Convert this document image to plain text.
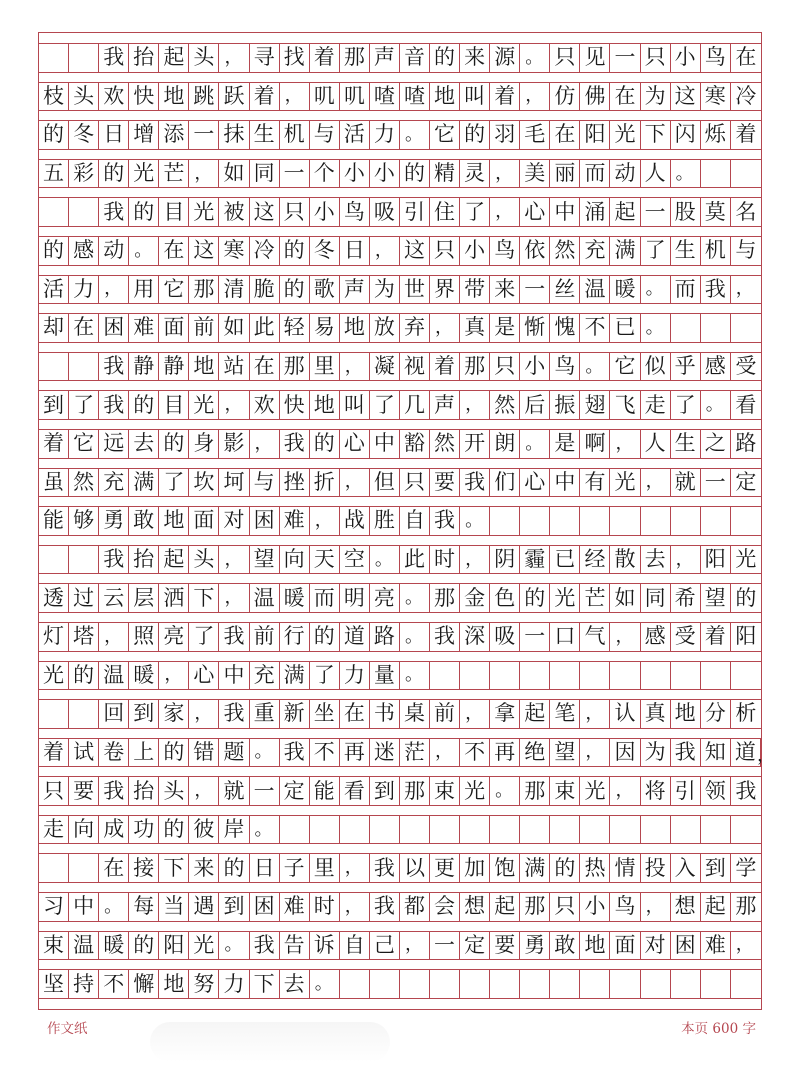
我 抬 起 头 ， 寻 找 着 那 声 音 的 来 源 。 只 见 一 只 小 鸟 在
枝 头 欢 快 地 跳 跃 着 ， 叽 叽 喳 喳 地 叫 着 ， 仿 佛 在 为 这 寒 冷
的 冬 日 增 添 一 抹 生 机 与 活 力 。 它 的 羽 毛 在 阳 光 下 闪 烁 着
五 彩 的 光 芒 ， 如 同 一 个 小 小 的 精 灵 ， 美 丽 而 动 人 。
我 的 目 光 被 这 只 小 鸟 吸 引 住 了 ， 心 中 涌 起 一 股 莫 名
的 感 动 。 在 这 寒 冷 的 冬 日 ， 这 只 小 鸟 依 然 充 满 了 生 机 与
活 力 ， 用 它 那 清 脆 的 歌 声 为 世 界 带 来 一 丝 温 暖 。 而 我 ，
却 在 困 难 面 前 如 此 轻 易 地 放 弃 ， 真 是 惭 愧 不 已 。
我 静 静 地 站 在 那 里 ， 凝 视 着 那 只 小 鸟 。 它 似 乎 感 受
到 了 我 的 目 光 ， 欢 快 地 叫 了 几 声 ， 然 后 振 翅 飞 走 了 。 看
着 它 远 去 的 身 影 ， 我 的 心 中 豁 然 开 朗 。 是 啊 ， 人 生 之 路
虽 然 充 满 了 坎 坷 与 挫 折 ， 但 只 要 我 们 心 中 有 光 ， 就 一 定
能 够 勇 敢 地 面 对 困 难 ， 战 胜 自 我 。
我 抬 起 头 ， 望 向 天 空 。 此 时 ， 阴 霾 已 经 散 去 ， 阳 光
透 过 云 层 洒 下 ， 温 暖 而 明 亮 。 那 金 色 的 光 芒 如 同 希 望 的
灯 塔 ， 照 亮 了 我 前 行 的 道 路 。 我 深 吸 一 口 气 ， 感 受 着 阳
光 的 温 暖 ， 心 中 充 满 了 力 量 。
回 到 家 ， 我 重 新 坐 在 书 桌 前 ， 拿 起 笔 ， 认 真 地 分 析
着 试 卷 上 的 错 题 。 我 不 再 迷 茫 ， 不 再 绝 望 ， 因 为 我 知 道 ，
只 要 我 抬 头 ， 就 一 定 能 看 到 那 束 光 。 那 束 光 ， 将 引 领 我
走 向 成 功 的 彼 岸 。
在 接 下 来 的 日 子 里 ， 我 以 更 加 饱 满 的 热 情 投 入 到 学
习 中 。 每 当 遇 到 困 难 时 ， 我 都 会 想 起 那 只 小 鸟 ， 想 起 那
束 温 暖 的 阳 光 。 我 告 诉 自 己 ， 一 定 要 勇 敢 地 面 对 困 难 ，
坚 持 不 懈 地 努 力 下 去 。
作文纸	本页 600 字
